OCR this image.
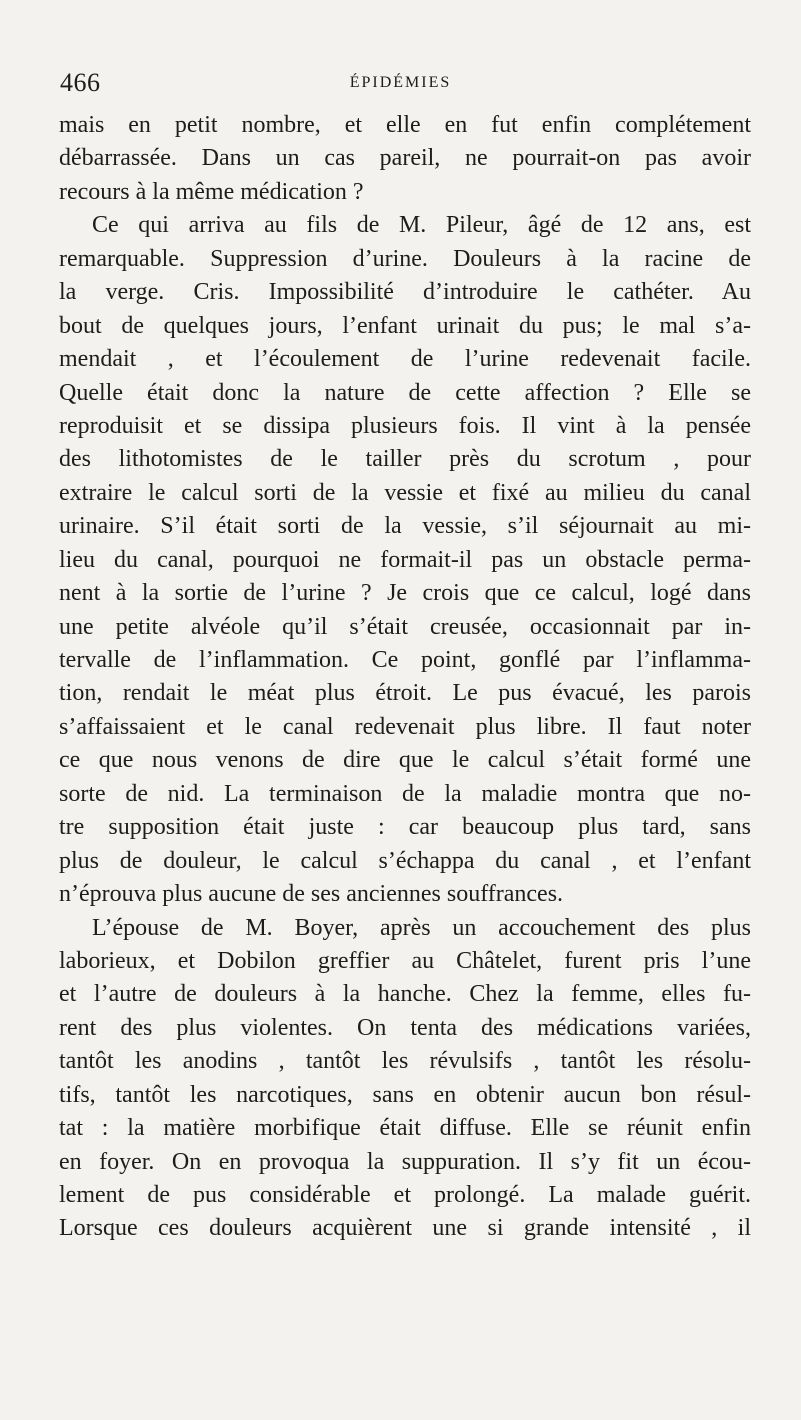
466	ÉPIDÉMIES
mais en petit nombre, et elle en fut enfin complétement
débarrassée. Dans un cas pareil, ne pourrait-on pas avoir
recours à la même médication ?
Ce qui arriva au fils de M. Pileur, âgé de 12 ans, est
remarquable. Suppression d’urine. Douleurs à la racine de
la verge. Cris. Impossibilité d’introduire le cathéter. Au
bout de quelques jours, l’enfant urinait du pus; le mal s’a-
mendait , et l’écoulement de l’urine redevenait facile.
Quelle était donc la nature de cette affection ? Elle se
reproduisit et se dissipa plusieurs fois. Il vint à la pensée
des lithotomistes de le tailler près du scrotum , pour
extraire le calcul sorti de la vessie et fixé au milieu du canal
urinaire. S’il était sorti de la vessie, s’il séjournait au mi-
lieu du canal, pourquoi ne formait-il pas un obstacle perma-
nent à la sortie de l’urine ? Je crois que ce calcul, logé dans
une petite alvéole qu’il s’était creusée, occasionnait par in-
tervalle de l’inflammation. Ce point, gonflé par l’inflamma-
tion, rendait le méat plus étroit. Le pus évacué, les parois
s’affaissaient et le canal redevenait plus libre. Il faut noter
ce que nous venons de dire que le calcul s’était formé une
sorte de nid. La terminaison de la maladie montra que no-
tre supposition était juste : car beaucoup plus tard, sans
plus de douleur, le calcul s’échappa du canal , et l’enfant
n’éprouva plus aucune de ses anciennes souffrances.
L’épouse de M. Boyer, après un accouchement des plus
laborieux, et Dobilon greffier au Châtelet, furent pris l’une
et l’autre de douleurs à la hanche. Chez la femme, elles fu-
rent des plus violentes. On tenta des médications variées,
tantôt les anodins , tantôt les révulsifs , tantôt les résolu-
tifs, tantôt les narcotiques, sans en obtenir aucun bon résul-
tat : la matière morbifique était diffuse. Elle se réunit enfin
en foyer. On en provoqua la suppuration. Il s’y fit un écou-
lement de pus considérable et prolongé. La malade guérit.
Lorsque ces douleurs acquièrent une si grande intensité , il
